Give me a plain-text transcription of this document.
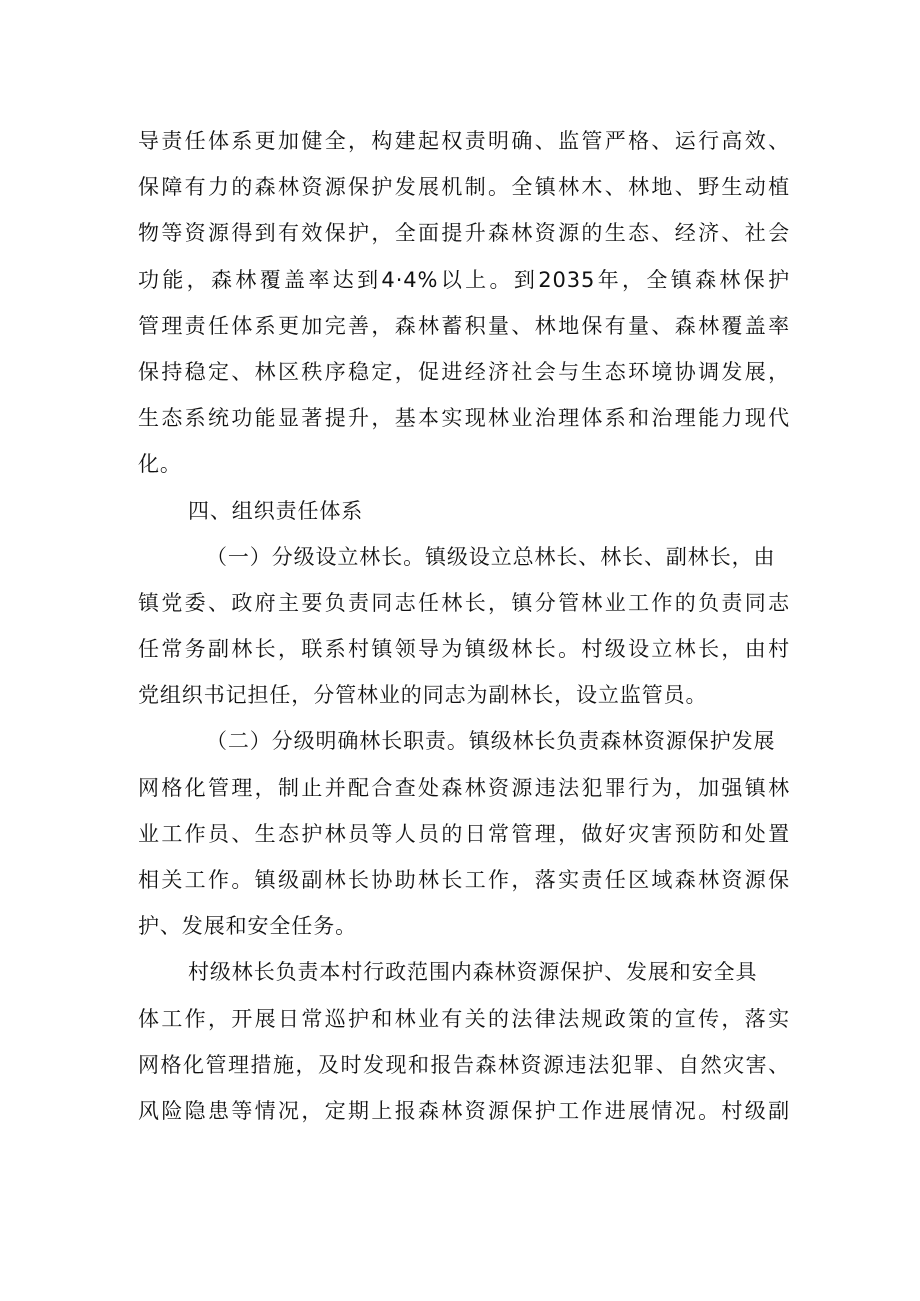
导责任体系更加健全，构建起权责明确、监管严格、运行高效、
保障有力的森林资源保护发展机制。全镇林木、林地、野生动植
物等资源得到有效保护，全面提升森林资源的生态、经济、社会
功能，森林覆盖率达到4·4%以上。到2035年，全镇森林保护
管理责任体系更加完善，森林蓄积量、林地保有量、森林覆盖率
保持稳定、林区秩序稳定，促进经济社会与生态环境协调发展，
生态系统功能显著提升，基本实现林业治理体系和治理能力现代
化。
四、组织责任体系
（一）分级设立林长。镇级设立总林长、林长、副林长，由
镇党委、政府主要负责同志任林长，镇分管林业工作的负责同志
任常务副林长，联系村镇领导为镇级林长。村级设立林长，由村
党组织书记担任，分管林业的同志为副林长，设立监管员。
（二）分级明确林长职责。镇级林长负责森林资源保护发展
网格化管理，制止并配合查处森林资源违法犯罪行为，加强镇林
业工作员、生态护林员等人员的日常管理，做好灾害预防和处置
相关工作。镇级副林长协助林长工作，落实责任区域森林资源保
护、发展和安全任务。
村级林长负责本村行政范围内森林资源保护、发展和安全具
体工作，开展日常巡护和林业有关的法律法规政策的宣传，落实
网格化管理措施，及时发现和报告森林资源违法犯罪、自然灾害、
风险隐患等情况，定期上报森林资源保护工作进展情况。村级副
